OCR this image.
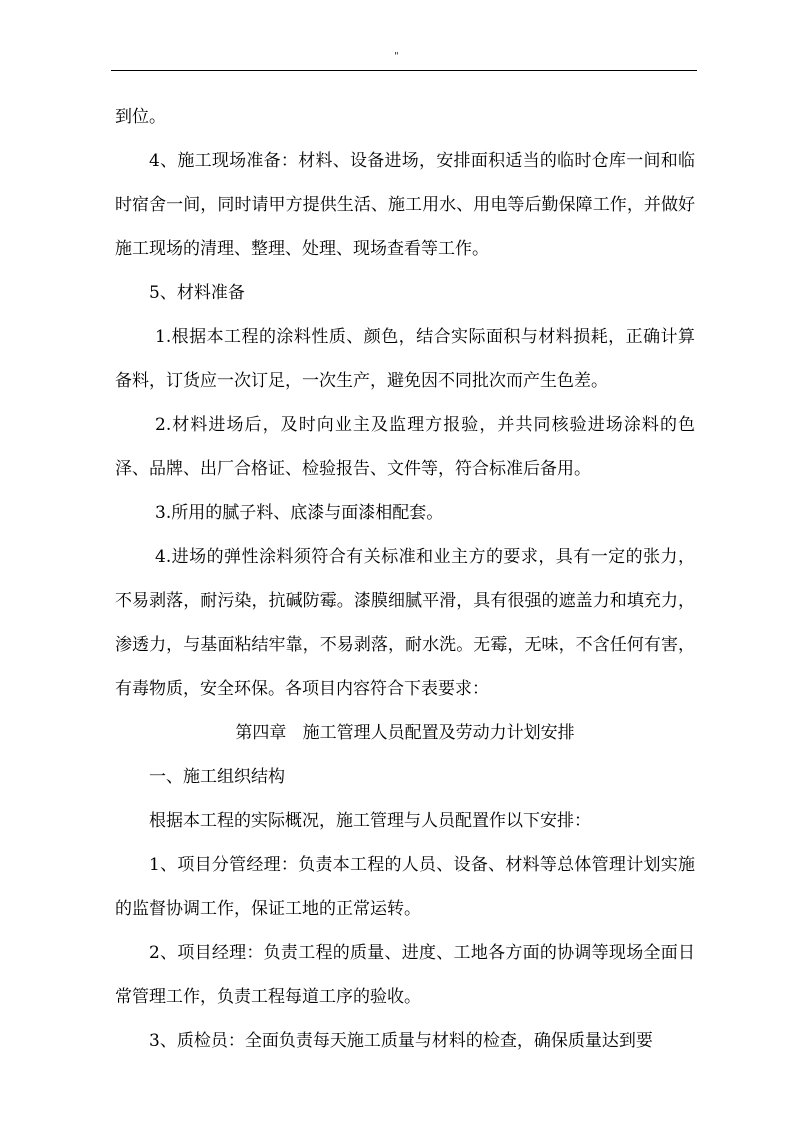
"

到位。

4、施工现场准备：材料、设备进场，安排面积适当的临时仓库一间和临时宿舍一间，同时请甲方提供生活、施工用水、用电等后勤保障工作，并做好施工现场的清理、整理、处理、现场查看等工作。

5、材料准备

1.根据本工程的涂料性质、颜色，结合实际面积与材料损耗，正确计算备料，订货应一次订足，一次生产，避免因不同批次而产生色差。

2.材料进场后，及时向业主及监理方报验，并共同核验进场涂料的色泽、品牌、出厂合格证、检验报告、文件等，符合标准后备用。

3.所用的腻子料、底漆与面漆相配套。

4.进场的弹性涂料须符合有关标准和业主方的要求，具有一定的张力，不易剥落，耐污染，抗碱防霉。漆膜细腻平滑，具有很强的遮盖力和填充力，渗透力，与基面粘结牢靠，不易剥落，耐水洗。无霉，无味，不含任何有害，有毒物质，安全环保。各项目内容符合下表要求：

第四章   施工管理人员配置及劳动力计划安排

一、施工组织结构

根据本工程的实际概况，施工管理与人员配置作以下安排：

1、项目分管经理：负责本工程的人员、设备、材料等总体管理计划实施的监督协调工作，保证工地的正常运转。

2、项目经理：负责工程的质量、进度、工地各方面的协调等现场全面日常管理工作，负责工程每道工序的验收。

3、质检员：全面负责每天施工质量与材料的检查，确保质量达到要
